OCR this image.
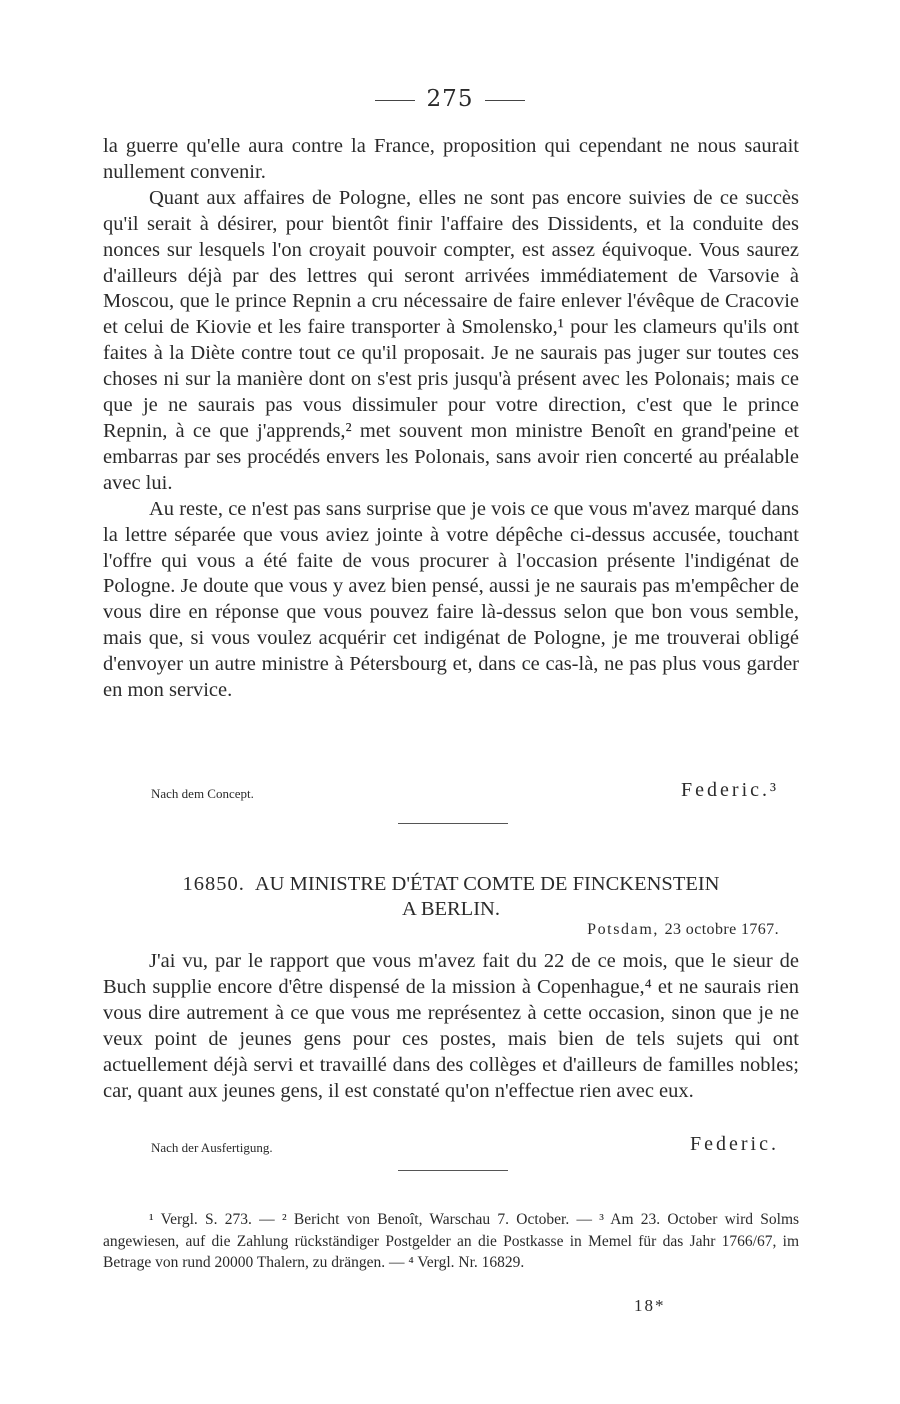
275

la guerre qu'elle aura contre la France, proposition qui cependant ne nous saurait nullement convenir.

Quant aux affaires de Pologne, elles ne sont pas encore suivies de ce succès qu'il serait à désirer, pour bientôt finir l'affaire des Dissidents, et la conduite des nonces sur lesquels l'on croyait pouvoir compter, est assez équivoque. Vous saurez d'ailleurs déjà par des lettres qui seront arrivées immédiatement de Varsovie à Moscou, que le prince Repnin a cru nécessaire de faire enlever l'évêque de Cracovie et celui de Kiovie et les faire transporter à Smolensko,¹ pour les clameurs qu'ils ont faites à la Diète contre tout ce qu'il proposait. Je ne saurais pas juger sur toutes ces choses ni sur la manière dont on s'est pris jusqu'à présent avec les Polonais; mais ce que je ne saurais pas vous dissimuler pour votre direction, c'est que le prince Repnin, à ce que j'apprends,² met souvent mon ministre Benoît en grand'peine et embarras par ses procédés envers les Polonais, sans avoir rien concerté au préalable avec lui.

Au reste, ce n'est pas sans surprise que je vois ce que vous m'avez marqué dans la lettre séparée que vous aviez jointe à votre dépêche ci-dessus accusée, touchant l'offre qui vous a été faite de vous procurer à l'occasion présente l'indigénat de Pologne. Je doute que vous y avez bien pensé, aussi je ne saurais pas m'empêcher de vous dire en réponse que vous pouvez faire là-dessus selon que bon vous semble, mais que, si vous voulez acquérir cet indigénat de Pologne, je me trouverai obligé d'envoyer un autre ministre à Pétersbourg et, dans ce cas-là, ne pas plus vous garder en mon service.

Nach dem Concept.	Federic.³
16850. AU MINISTRE D'ÉTAT COMTE DE FINCKENSTEIN
A BERLIN.
Potsdam, 23 octobre 1767.

J'ai vu, par le rapport que vous m'avez fait du 22 de ce mois, que le sieur de Buch supplie encore d'être dispensé de la mission à Copenhague,⁴ et ne saurais rien vous dire autrement à ce que vous me représentez à cette occasion, sinon que je ne veux point de jeunes gens pour ces postes, mais bien de tels sujets qui ont actuellement déjà servi et travaillé dans des collèges et d'ailleurs de familles nobles; car, quant aux jeunes gens, il est constaté qu'on n'effectue rien avec eux.

Nach der Ausfertigung.	Federic.
¹ Vergl. S. 273. — ² Bericht von Benoît, Warschau 7. October. — ³ Am 23. October wird Solms angewiesen, auf die Zahlung rückständiger Postgelder an die Postkasse in Memel für das Jahr 1766/67, im Betrage von rund 20000 Thalern, zu drängen. — ⁴ Vergl. Nr. 16829.
18*
